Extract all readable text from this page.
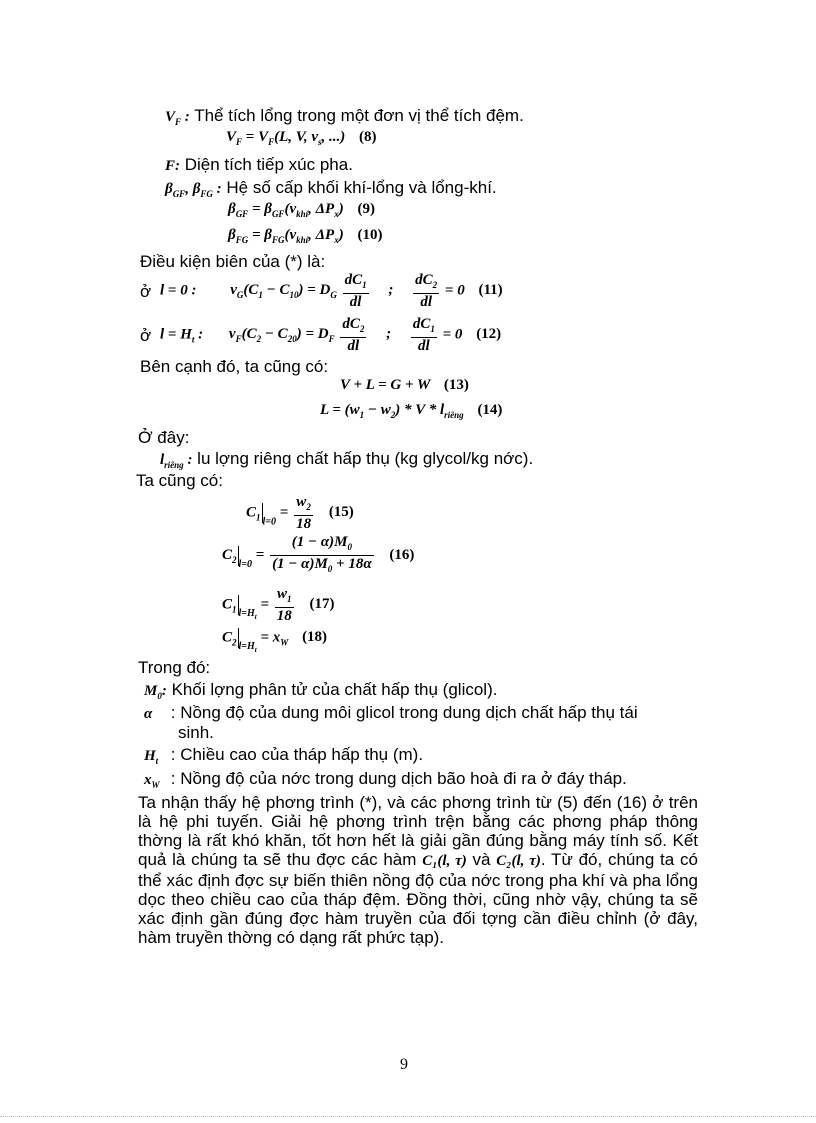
$V_F$ : Thể tích lổng trong một đơn vị thể tích đệm.
$V_F = V_F(L$, V, $v_s$, ...) (8)
F: Diện tích tiếp xúc pha.
$\beta_{GF}$, $\beta_{FG}$ : Hệ số cấp khối khí-lổng và lổng-khí.
$\beta_{GF} = \beta_{GF}(v_{khí}$, $\Delta P_x$) (9)
$\beta_{FG} = \beta_{FG}(v_{khí}$, $\Delta P_x$) (10)
Điều kiện biên của (*) là:
ở l = 0 : $v_G(C_1 - C_{10}) = D_G \frac{dC_1}{dl}$ ; $\frac{dC_2}{dl} = 0$ (11)
ở $l = H_t$ : $v_F(C_2 - C_{20}) = D_F \frac{dC_2}{dl}$ ; $\frac{dC_1}{dl} = 0$ (12)
Bên cạnh đó, ta cũng có:
V + L = G + W (13)
$L = (w_1 - w_2) * V * l_{riêng}$ (14)
Ở đây:
$l_{riêng}$ : lu lợng riêng chất hấp thụ (kg glycol/kg nớc).
Ta cũng có:
$C_1$ $_{l=0} = \frac{w_2}{18} (15)$
$C_2$ $_{l=0} = \frac{(1 - \alpha)M_0}{(1 - \alpha)M_0 + 18\alpha} (16)$
$C_1$ $_{l=H_t} = \frac{w_1}{18} (17)$
$C_2$ $_{l=H_t} = x_W$ (18)
Trong đó:
$M_0$: Khối lợng phân tử của chất hấp thụ (glicol).
α : Nồng độ của dung môi glicol trong dung dịch chất hấp thụ tái
sinh.
$H_t$ : Chiều cao của tháp hấp thụ (m).
$x_W$ : Nồng độ của nớc trong dung dịch bão hoà đi ra ở đáy tháp.
Ta nhận thấy hệ phơng trình (*), và các phơng trình từ (5) đến (16) ở trên là hệ phi tuyến. Giải hệ phơng trình trện bằng các phơng pháp thông thờng là rất khó khăn, tốt hơn hết là giải gần đúng bằng máy tính số. Kết quả là chúng ta sẽ thu đợc các hàm C₁(l, τ) và C₂(l, τ). Từ đó, chúng ta có thể xác định đợc sự biến thiên nồng độ của nớc trong pha khí và pha lổng dọc theo chiều cao của tháp đệm. Đồng thời, cũng nhờ vậy, chúng ta sẽ xác định gần đúng đợc hàm truyền của đối tợng cần điều chỉnh (ở đây, hàm truyền thờng có dạng rất phức tạp).
9
